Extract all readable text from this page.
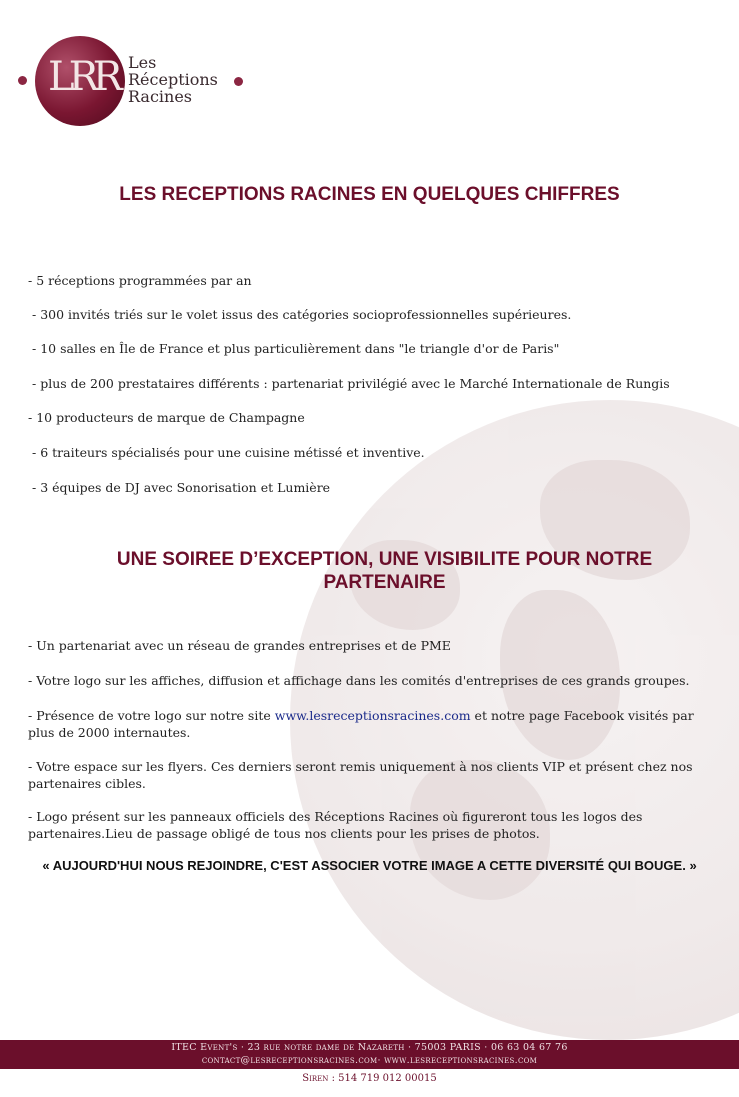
LRR Les
Réceptions
Racines
LES RECEPTIONS RACINES EN QUELQUES CHIFFRES
- 5 réceptions programmées par an
- 300 invités triés sur le volet issus des catégories socioprofessionnelles supérieures.
- 10 salles en Île de France et plus particulièrement dans "le triangle d'or de Paris"
- plus de 200 prestataires différents : partenariat privilégié avec le Marché Internationale de Rungis
- 10 producteurs de marque de Champagne
- 6 traiteurs spécialisés pour une cuisine métissé et inventive.
- 3 équipes de DJ avec Sonorisation et Lumière
UNE SOIREE D’EXCEPTION, UNE VISIBILITE POUR NOTRE
PARTENAIRE
- Un partenariat avec un réseau de grandes entreprises et de PME
- Votre logo sur les affiches, diffusion et affichage dans les comités d'entreprises de ces grands groupes.
- Présence de votre logo sur notre site www.lesreceptionsracines.com et notre page Facebook visités par plus de 2000 internautes.
- Votre espace sur les flyers. Ces derniers seront remis uniquement à nos clients VIP et présent chez nos partenaires cibles.
- Logo présent sur les panneaux officiels des Réceptions Racines où figureront tous les logos des partenaires.Lieu de passage obligé de tous nos clients pour les prises de photos.
« AUJOURD'HUI NOUS REJOINDRE, C'EST ASSOCIER VOTRE IMAGE A CETTE DIVERSITÉ QUI BOUGE. »
ITEC Event's · 23 rue notre dame de Nazareth · 75003 PARIS · 06 63 04 67 76
contact@lesreceptionsracines.com· www.lesreceptionsracines.com
Siren : 514 719 012 00015
